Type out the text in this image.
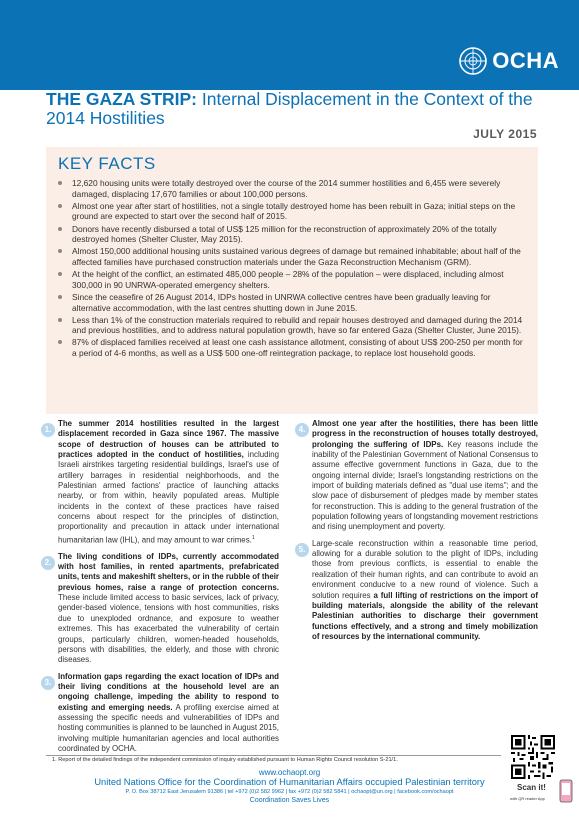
OCHA
THE GAZA STRIP: Internal Displacement in the Context of the 2014 Hostilities
JULY 2015
KEY FACTS
12,620 housing units were totally destroyed over the course of the 2014 summer hostilities and 6,455 were severely damaged, displacing 17,670 families or about 100,000 persons.
Almost one year after start of hostilities, not a single totally destroyed home has been rebuilt in Gaza; initial steps on the ground are expected to start over the second half of 2015.
Donors have recently disbursed a total of US$ 125 million for the reconstruction of approximately 20% of the totally destroyed homes (Shelter Cluster, May 2015).
Almost 150,000 additional housing units sustained various degrees of damage but remained inhabitable; about half of the affected families have purchased construction materials under the Gaza Reconstruction Mechanism (GRM).
At the height of the conflict, an estimated 485,000 people – 28% of the population – were displaced, including almost 300,000 in 90 UNRWA-operated emergency shelters.
Since the ceasefire of 26 August 2014, IDPs hosted in UNRWA collective centres have been gradually leaving for alternative accommodation, with the last centres shutting down in June 2015.
Less than 1% of the construction materials required to rebuild and repair houses destroyed and damaged during the 2014 and previous hostilities, and to address natural population growth, have so far entered Gaza (Shelter Cluster, June 2015).
87% of displaced families received at least one cash assistance allotment, consisting of about US$ 200-250 per month for a period of 4-6 months, as well as a US$ 500 one-off reintegration package, to replace lost household goods.
1.
The summer 2014 hostilities resulted in the largest displacement recorded in Gaza since 1967. The massive scope of destruction of houses can be attributed to practices adopted in the conduct of hostilities, including Israeli airstrikes targeting residential buildings, Israel's use of artillery barrages in residential neighborhoods, and the Palestinian armed factions' practice of launching attacks nearby, or from within, heavily populated areas. Multiple incidents in the context of these practices have raised concerns about respect for the principles of distinction, proportionality and precaution in attack under international humanitarian law (IHL), and may amount to war crimes.$^1$
2.
The living conditions of IDPs, currently accommodated with host families, in rented apartments, prefabricated units, tents and makeshift shelters, or in the rubble of their previous homes, raise a range of protection concerns. These include limited access to basic services, lack of privacy, gender-based violence, tensions with host communities, risks due to unexploded ordnance, and exposure to weather extremes. This has exacerbated the vulnerability of certain groups, particularly children, women-headed households, persons with disabilities, the elderly, and those with chronic diseases.
3.
Information gaps regarding the exact location of IDPs and their living conditions at the household level are an ongoing challenge, impeding the ability to respond to existing and emerging needs. A profiling exercise aimed at assessing the specific needs and vulnerabilities of IDPs and hosting communities is planned to be launched in August 2015, involving multiple humanitarian agencies and local authorities coordinated by OCHA.
4.
Almost one year after the hostilities, there has been little progress in the reconstruction of houses totally destroyed, prolonging the suffering of IDPs. Key reasons include the inability of the Palestinian Government of National Consensus to assume effective government functions in Gaza, due to the ongoing internal divide; Israel's longstanding restrictions on the import of building materials defined as "dual use items"; and the slow pace of disbursement of pledges made by member states for reconstruction. This is adding to the general frustration of the population following years of longstanding movement restrictions and rising unemployment and poverty.
5.
Large-scale reconstruction within a reasonable time period, allowing for a durable solution to the plight of IDPs, including those from previous conflicts, is essential to enable the realization of their human rights, and can contribute to avoid an environment conducive to a new round of violence. Such a solution requires a full lifting of restrictions on the import of building materials, alongside the ability of the relevant Palestinian authorities to discharge their government functions effectively, and a strong and timely mobilization of resources by the international community.
1. Report of the detailed findings of the independent commission of inquiry established pursuant to Human Rights Council resolution S-21/1.
www.ochaopt.org
United Nations Office for the Coordination of Humanitarian Affairs occupied Palestinian territory
P. O. Box 38712 East Jerusalem 91386 | tel +972 (0)2 582 9962 | fax +972 (0)2 582 5841 | ochaopt@un.org | facebook.com/ochaopt
Coordination Saves Lives
Scan it!
with QR reader App
